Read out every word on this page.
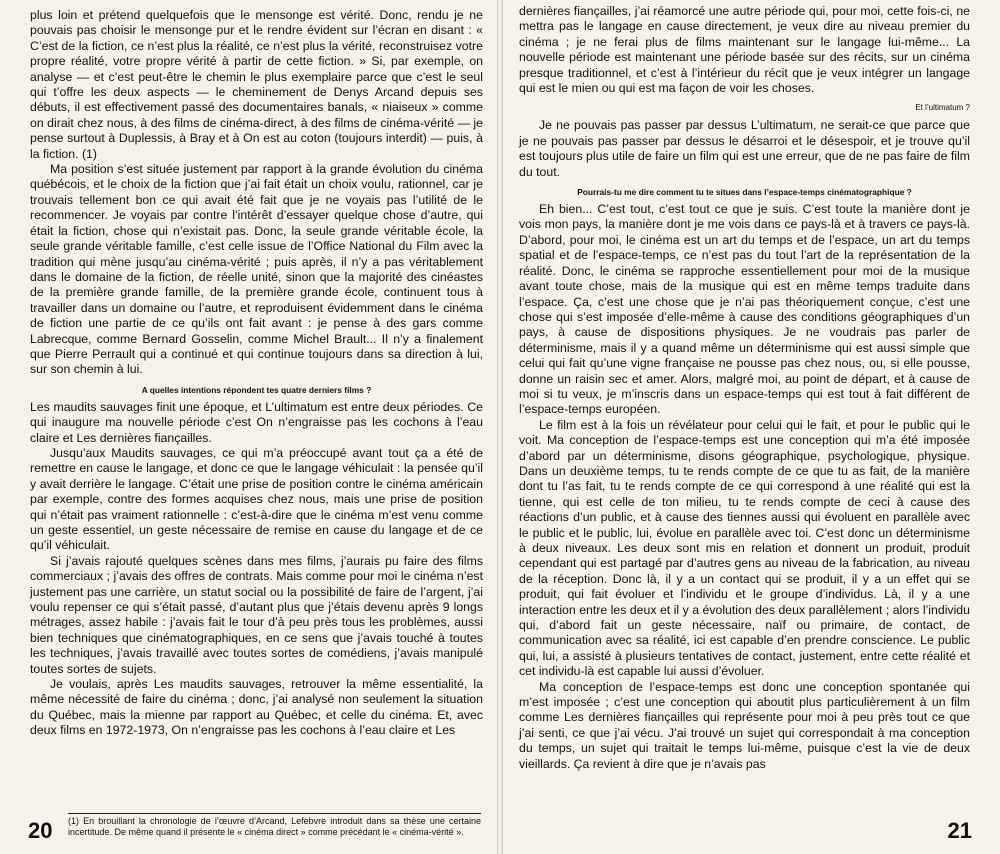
plus loin et prétend quelquefois que le mensonge est vérité. Donc, rendu je ne pouvais pas choisir le mensonge pur et le rendre évident sur l’écran en disant : « C’est de la fiction, ce n’est plus la réalité, ce n’est plus la vérité, reconstruisez votre propre réalité, votre propre vérité à partir de cette fiction. » Si, par exemple, on analyse — et c’est peut-être le chemin le plus exemplaire parce que c’est le seul qui t’offre les deux aspects — le cheminement de Denys Arcand depuis ses débuts, il est effectivement passé des documentaires banals, « niaiseux » comme on dirait chez nous, à des films de cinéma-direct, à des films de cinéma-vérité — je pense surtout à Duplessis, à Bray et à On est au coton (toujours interdit) — puis, à la fiction. (1)

Ma position s’est située justement par rapport à la grande évolution du cinéma québécois, et le choix de la fiction que j’ai fait était un choix voulu, rationnel, car je trouvais tellement bon ce qui avait été fait que je ne voyais pas l’utilité de le recommencer. Je voyais par contre l’intérêt d’essayer quelque chose d’autre, qui était la fiction, chose qui n’existait pas. Donc, la seule grande véritable école, la seule grande véritable famille, c’est celle issue de l’Office National du Film avec la tradition qui mène jusqu’au cinéma-vérité ; puis après, il n’y a pas véritablement dans le domaine de la fiction, de réelle unité, sinon que la majorité des cinéastes de la première grande famille, de la première grande école, continuent tous à travailler dans un domaine ou l’autre, et reproduisent évidemment dans le cinéma de fiction une partie de ce qu’ils ont fait avant : je pense à des gars comme Labrecque, comme Bernard Gosselin, comme Michel Brault... Il n’y a finalement que Pierre Perrault qui a continué et qui continue toujours dans sa direction à lui, sur son chemin à lui.

A quelles intentions répondent tes quatre derniers films ?

Les maudits sauvages finit une époque, et L’ultimatum est entre deux périodes. Ce qui inaugure ma nouvelle période c’est On n’engraisse pas les cochons à l’eau claire et Les dernières fiançailles.

Jusqu’aux Maudits sauvages, ce qui m’a préoccupé avant tout ça a été de remettre en cause le langage, et donc ce que le langage véhiculait : la pensée qu’il y avait derrière le langage. C’était une prise de position contre le cinéma américain par exemple, contre des formes acquises chez nous, mais une prise de position qui n’était pas vraiment rationnelle : c’est-à-dire que le cinéma m’est venu comme un geste essentiel, un geste nécessaire de remise en cause du langage et de ce qu’il véhiculait.

Si j’avais rajouté quelques scènes dans mes films, j’aurais pu faire des films commerciaux ; j’avais des offres de contrats. Mais comme pour moi le cinéma n’est justement pas une carrière, un statut social ou la possibilité de faire de l’argent, j’ai voulu repenser ce qui s’était passé, d’autant plus que j’étais devenu après 9 longs métrages, assez habile : j’avais fait le tour d’à peu près tous les problèmes, aussi bien techniques que cinématographiques, en ce sens que j’avais touché à toutes les techniques, j’avais travaillé avec toutes sortes de comédiens, j’avais manipulé toutes sortes de sujets.

Je voulais, après Les maudits sauvages, retrouver la même essentialité, la même nécessité de faire du cinéma ; donc, j’ai analysé non seulement la situation du Québec, mais la mienne par rapport au Québec, et celle du cinéma. Et, avec deux films en 1972-1973, On n’engraisse pas les cochons à l’eau claire et Les

(1) En brouillant la chronologie de l’œuvre d’Arcand, Lefebvre introduit dans sa thèse une certaine incertitude. De même quand il présente le « cinéma direct » comme précédant le « cinéma-vérité ».

20

dernières fiançailles, j’ai réamorcé une autre période qui, pour moi, cette fois-ci, ne mettra pas le langage en cause directement, je veux dire au niveau premier du cinéma ; je ne ferai plus de films maintenant sur le langage lui-même... La nouvelle période est maintenant une période basée sur des récits, sur un cinéma presque traditionnel, et c’est à l’intérieur du récit que je veux intégrer un langage qui est le mien ou qui est ma façon de voir les choses.

Et l’ultimatum ?

Je ne pouvais pas passer par dessus L’ultimatum, ne serait-ce que parce que je ne pouvais pas passer par dessus le désarroi et le désespoir, et je trouve qu’il est toujours plus utile de faire un film qui est une erreur, que de ne pas faire de film du tout.

Pourrais-tu me dire comment tu te situes dans l’espace-temps cinématographique ?

Eh bien... C’est tout, c’est tout ce que je suis. C’est toute la manière dont je vois mon pays, la manière dont je me vois dans ce pays-là et à travers ce pays-là. D’abord, pour moi, le cinéma est un art du temps et de l’espace, un art du temps spatial et de l’espace-temps, ce n’est pas du tout l’art de la représentation de la réalité. Donc, le cinéma se rapproche essentiellement pour moi de la musique avant toute chose, mais de la musique qui est en même temps traduite dans l’espace. Ça, c’est une chose que je n’ai pas théoriquement conçue, c’est une chose qui s’est imposée d’elle-même à cause des conditions géographiques d’un pays, à cause de dispositions physiques. Je ne voudrais pas parler de déterminisme, mais il y a quand même un déterminisme qui est aussi simple que celui qui fait qu’une vigne française ne pousse pas chez nous, ou, si elle pousse, donne un raisin sec et amer. Alors, malgré moi, au point de départ, et à cause de moi si tu veux, je m’inscris dans un espace-temps qui est tout à fait différent de l’espace-temps européen.

Le film est à la fois un révélateur pour celui qui le fait, et pour le public qui le voit. Ma conception de l’espace-temps est une conception qui m’a été imposée d’abord par un déterminisme, disons géographique, psychologique, physique. Dans un deuxième temps, tu te rends compte de ce que tu as fait, de la manière dont tu l’as fait, tu te rends compte de ce qui correspond à une réalité qui est la tienne, qui est celle de ton milieu, tu te rends compte de ceci à cause des réactions d’un public, et à cause des tiennes aussi qui évoluent en parallèle avec le public et le public, lui, évolue en parallèle avec toi. C’est donc un déterminisme à deux niveaux. Les deux sont mis en relation et donnent un produit, produit cependant qui est partagé par d’autres gens au niveau de la fabrication, au niveau de la réception. Donc là, il y a un contact qui se produit, il y a un effet qui se produit, qui fait évoluer et l’individu et le groupe d’individus. Là, il y a une interaction entre les deux et il y a évolution des deux parallèlement ; alors l’individu qui, d’abord fait un geste nécessaire, naïf ou primaire, de contact, de communication avec sa réalité, ici est capable d’en prendre conscience. Le public qui, lui, a assisté à plusieurs tentatives de contact, justement, entre cette réalité et cet individu-là est capable lui aussi d’évoluer.

Ma conception de l’espace-temps est donc une conception spontanée qui m’est imposée ; c’est une conception qui aboutit plus particulièrement à un film comme Les dernières fiançailles qui représente pour moi à peu près tout ce que j’ai senti, ce que j’ai vécu. J’ai trouvé un sujet qui correspondait à ma conception du temps, un sujet qui traitait le temps lui-même, puisque c’est la vie de deux vieillards. Ça revient à dire que je n’avais pas

21
